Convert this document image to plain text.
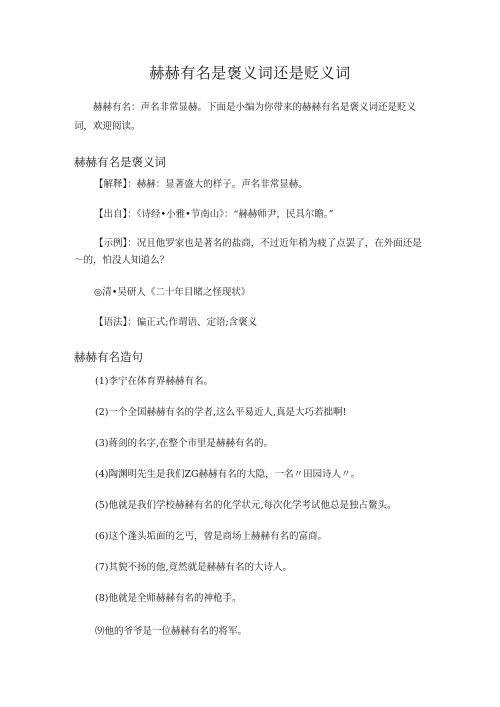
赫赫有名是褒义词还是贬义词
赫赫有名：声名非常显赫。下面是小编为你带来的赫赫有名是褒义词还是贬义词，欢迎阅读。
赫赫有名是褒义词
【解释】：赫赫：显著盛大的样子。声名非常显赫。
【出自】：《诗经•小雅•节南山》：“赫赫师尹，民具尔瞻。”
【示例】：况且他罗家也是著名的盐商，不过近年稍为疲了点罢了，在外面还是～的，怕没人知道么？
◎清•吴研人《二十年目睹之怪现状》
【语法】：偏正式;作谓语、定语;含褒义
赫赫有名造句
(1)李宁在体育界赫赫有名。
(2)一个全国赫赫有名的学者,这么平易近人,真是大巧若拙啊!
(3)蒋剑的名字,在整个市里是赫赫有名的。
(4)陶渊明先生是我们ZG赫赫有名的大隐，一名〃田园诗人〃。
(5)他就是我们学校赫赫有名的化学状元,每次化学考试他总是独占鳌头。
(6)这个蓬头垢面的乞丐，曾是商场上赫赫有名的富商。
(7)其貌不扬的他,竟然就是赫赫有名的大诗人。
(8)他就是全师赫赫有名的神枪手。
⑼他的爷爷是一位赫赫有名的将军。
